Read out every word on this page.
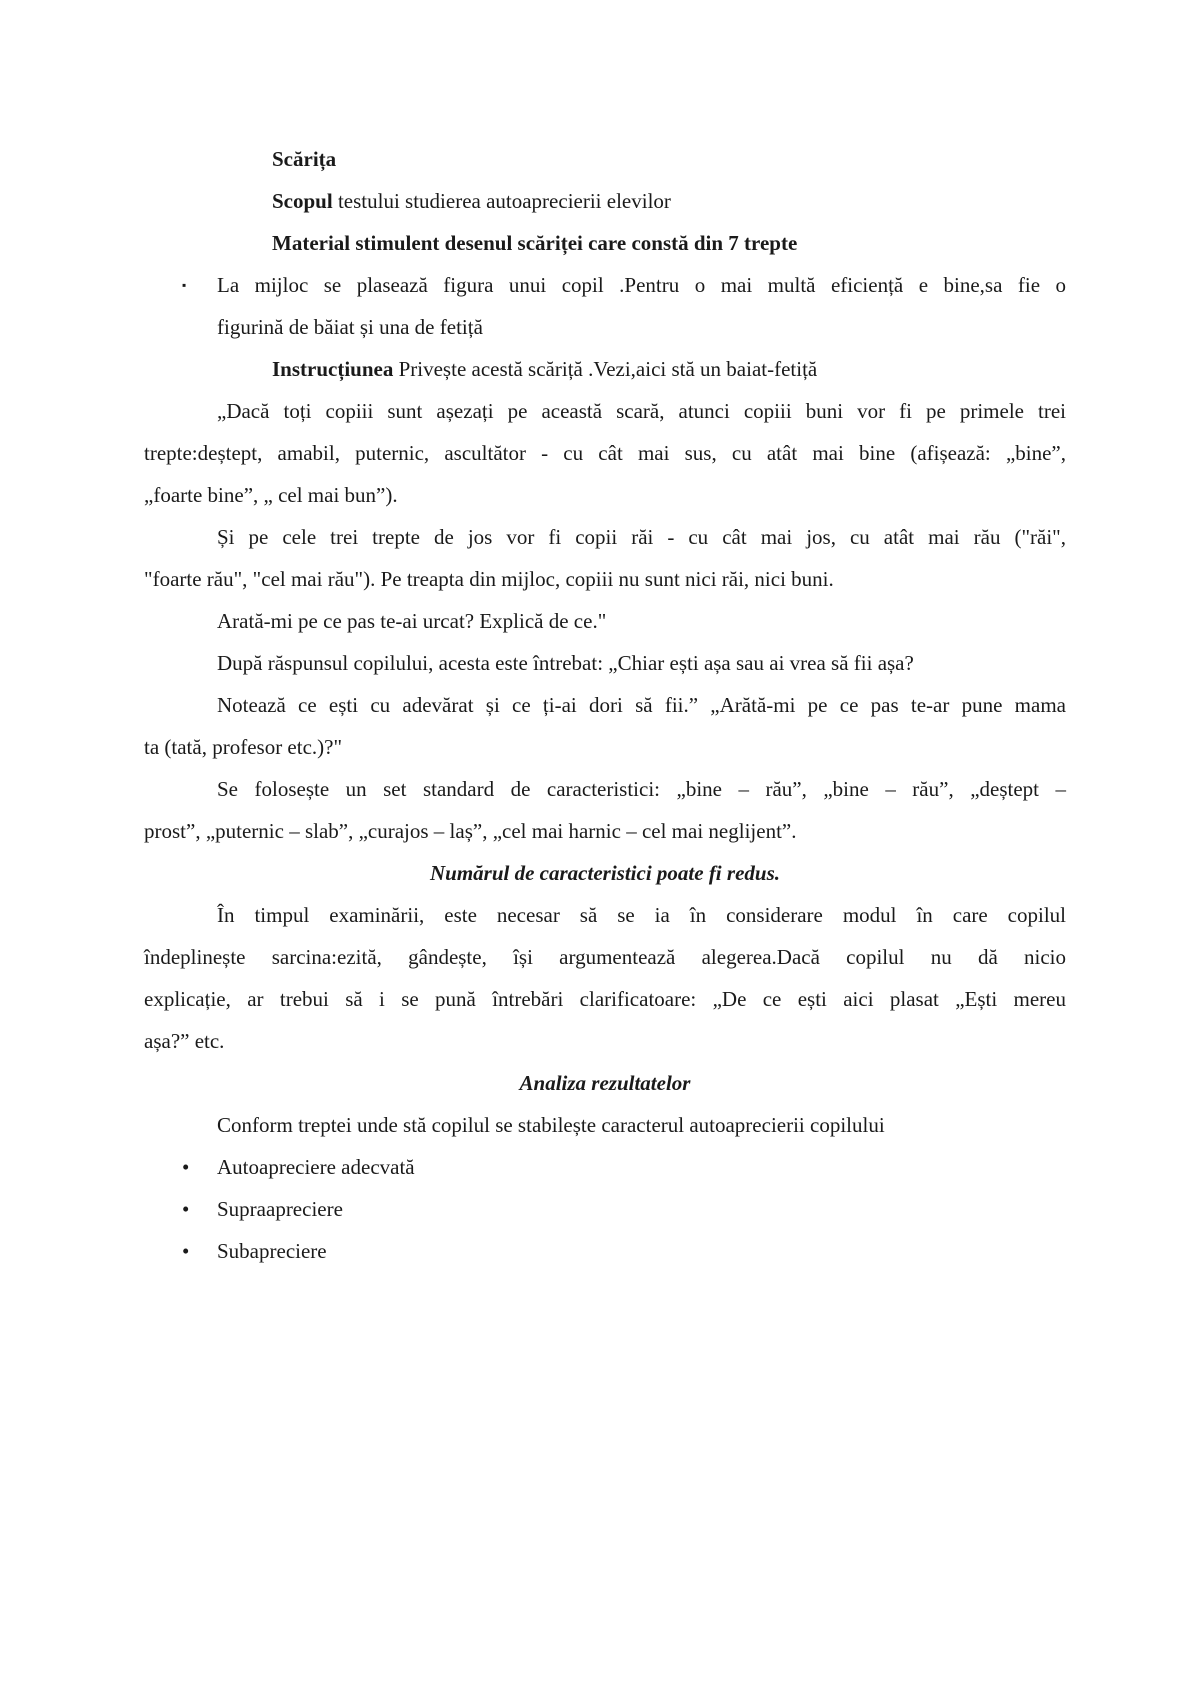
Scărița
Scopul testului studierea autoaprecierii elevilor
Material stimulent desenul scăriței care constă din 7 trepte
▪ La mijloc se plasează figura unui copil .Pentru o mai multă eficiență e bine,sa fie o
figurină de băiat și una de fetiță
Instrucțiunea Privește acestă scăriță .Vezi,aici stă un baiat-fetiță
„Dacă toți copiii sunt așezați pe această scară, atunci copiii buni vor fi pe primele trei
trepte:deștept, amabil, puternic, ascultător - cu cât mai sus, cu atât mai bine (afișează: „bine”,
„foarte bine”, „ cel mai bun”).
Și pe cele trei trepte de jos vor fi copii răi - cu cât mai jos, cu atât mai rău ("răi",
"foarte rău", "cel mai rău"). Pe treapta din mijloc, copiii nu sunt nici răi, nici buni.
Arată-mi pe ce pas te-ai urcat? Explică de ce."
După răspunsul copilului, acesta este întrebat: „Chiar ești așa sau ai vrea să fii așa?
Notează ce ești cu adevărat și ce ți-ai dori să fii.” „Arătă-mi pe ce pas te-ar pune mama
ta (tată, profesor etc.)?"
Se folosește un set standard de caracteristici: „bine – rău”, „bine – rău”, „deștept –
prost”, „puternic – slab”, „curajos – laș”, „cel mai harnic – cel mai neglijent”.
Numărul de caracteristici poate fi redus.
În timpul examinării, este necesar să se ia în considerare modul în care copilul
îndeplinește sarcina:ezită, gândește, își argumentează alegerea.Dacă copilul nu dă nicio
explicație, ar trebui să i se pună întrebări clarificatoare: „De ce ești aici plasat „Ești mereu
așa?” etc.
Analiza rezultatelor
Conform treptei unde stă copilul se stabilește caracterul autoaprecierii copilului
• Autoapreciere adecvată
• Supraapreciere
• Subapreciere
